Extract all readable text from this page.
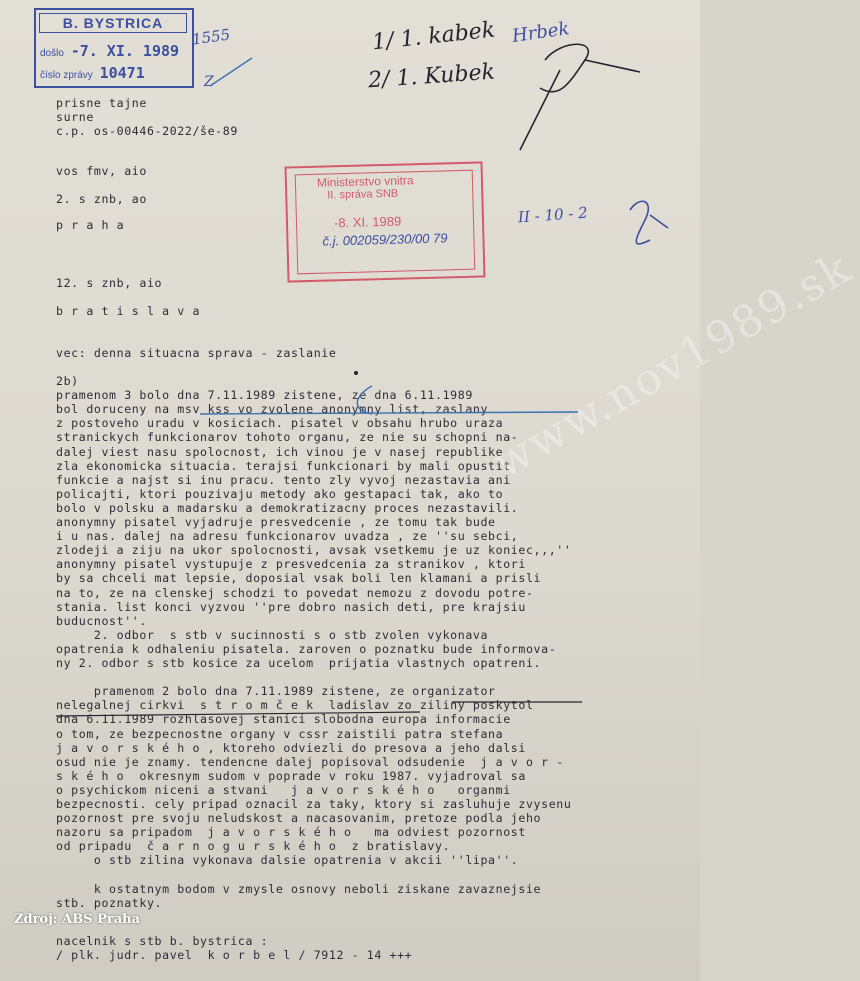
B. BYSTRICA
došlo -7. XI. 1989
číslo zprávy 10471
1555
Z
1/ 1. kabek
2/ 1. Kubek
Hrbek
II - 10 - 2
Ministerstvo vnitra
II. správa SNB
-8. XI. 1989
č.j. 002059/230/00 79
prisne tajne
surne
c.p. os-00446-2022/še-89
vos fmv, aio
2. s znb, ao
p r a h a
12. s znb, aio
b r a t i s l a v a
vec: denna situacna sprava - zaslanie
2b)
pramenom 3 bolo dna 7.11.1989 zistene, ze dna 6.11.1989
bol doruceny na msv kss vo zvolene anonymny list, zaslany
z postoveho uradu v kosiciach. pisatel v obsahu hrubo uraza
stranickych funkcionarov tohoto organu, ze nie su schopni na-
dalej viest nasu spolocnost, ich vinou je v nasej republike
zla ekonomicka situacia. terajsi funkcionari by mali opustit
funkcie a najst si inu pracu. tento zly vyvoj nezastavia ani
policajti, ktori pouzivaju metody ako gestapaci tak, ako to
bolo v polsku a madarsku a demokratizacny proces nezastavili.
anonymny pisatel vyjadruje presvedcenie , ze tomu tak bude
i u nas. dalej na adresu funkcionarov uvadza , ze ''su sebci,
zlodeji a ziju na ukor spolocnosti, avsak vsetkemu je uz koniec,,,''
anonymny pisatel vystupuje z presvedcenia za stranikov , ktori
by sa chceli mat lepsie, doposial vsak boli len klamani a prisli
na to, ze na clenskej schodzi to povedat nemozu z dovodu potre-
stania. list konci vyzvou ''pre dobro nasich deti, pre krajsiu
buducnost''.
2. odbor  s stb v sucinnosti s o stb zvolen vykonava
opatrenia k odhaleniu pisatela. zaroven o poznatku bude informova-
ny 2. odbor s stb kosice za ucelom  prijatia vlastnych opatreni.
pramenom 2 bolo dna 7.11.1989 zistene, ze organizator
nelegalnej cirkvi  s t r o m č e k  ladislav zo ziliny poskytol
dna 6.11.1989 rozhlasovej stanici slobodna europa informacie
o tom, ze bezpecnostne organy v cssr zaistili patra stefana
j a v o r s k é h o , ktoreho odviezli do presova a jeho dalsi
osud nie je znamy. tendencne dalej popisoval odsudenie  j a v o r -
s k é h o  okresnym sudom v poprade v roku 1987. vyjadroval sa
o psychickom niceni a stvani   j a v o r s k é h o   organmi
bezpecnosti. cely pripad oznacil za taky, ktory si zasluhuje zvysenu
pozornost pre svoju neludskost a nacasovanim, pretoze podla jeho
nazoru sa pripadom  j a v o r s k é h o   ma odviest pozornost
od pripadu  č a r n o g u r s k é h o  z bratislavy.
o stb zilina vykonava dalsie opatrenia v akcii ''lipa''.
k ostatnym bodom v zmysle osnovy neboli ziskane zavaznejsie
stb. poznatky.
nacelnik s stb b. bystrica :
/ plk. judr. pavel  k o r b e l / 7912 - 14 +++
www.nov1989.sk
Zdroj: ABS Praha
